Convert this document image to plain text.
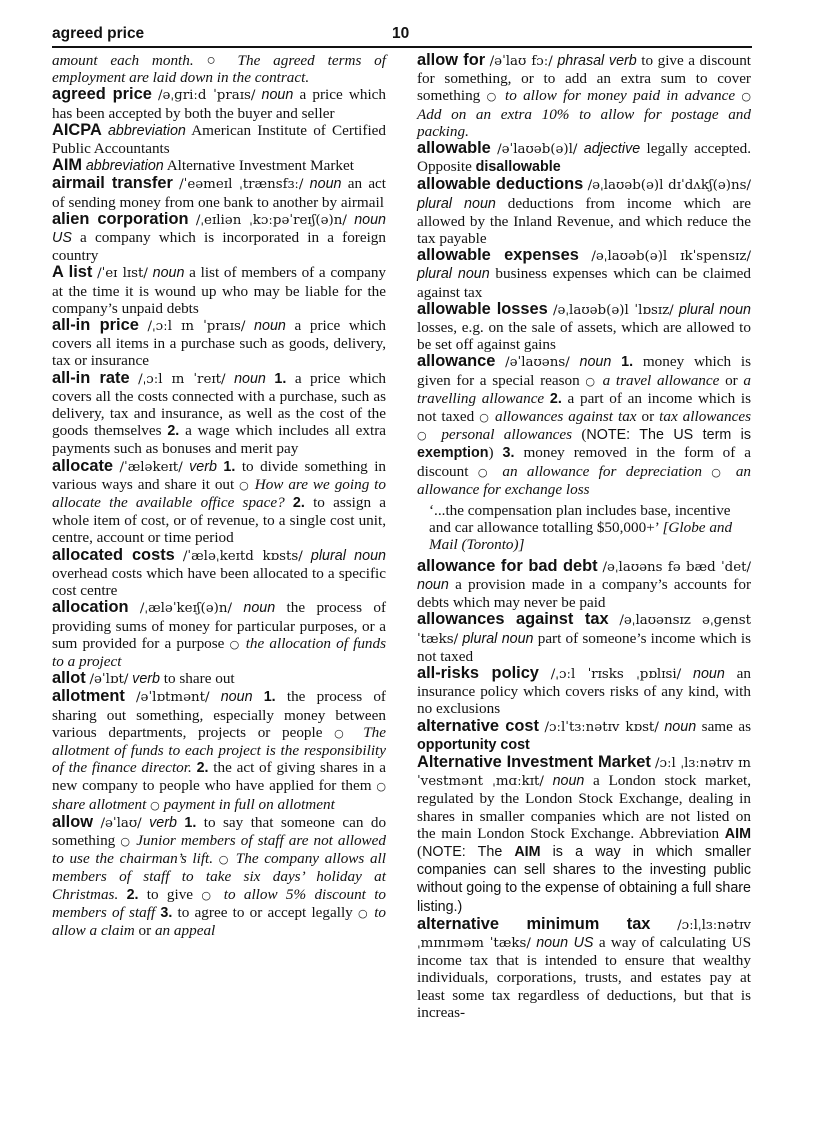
agreed price	10

amount each month. ○ The agreed terms of employment are laid down in the contract.

agreed price /əˌɡriːd ˈpraɪs/ noun a price which has been accepted by both the buyer and seller

AICPA abbreviation American Institute of Certified Public Accountants

AIM abbreviation Alternative Investment Market

airmail transfer /ˈeəmeɪl ˌtrænsfɜː/ noun an act of sending money from one bank to another by airmail

alien corporation /ˌeɪliən ˌkɔːpəˈreɪʃ(ə)n/ noun US a company which is incorporated in a foreign country

A list /ˈeɪ lɪst/ noun a list of members of a company at the time it is wound up who may be liable for the company’s unpaid debts

all-in price /ˌɔːl ɪn ˈpraɪs/ noun a price which covers all items in a purchase such as goods, delivery, tax or insurance

all-in rate /ˌɔːl ɪn ˈreɪt/ noun 1. a price which covers all the costs connected with a purchase, such as delivery, tax and insurance, as well as the cost of the goods themselves 2. a wage which includes all extra payments such as bonuses and merit pay

allocate /ˈæləkeɪt/ verb 1. to divide something in various ways and share it out ○ How are we going to allocate the available office space? 2. to assign a whole item of cost, or of revenue, to a single cost unit, centre, account or time period

allocated costs /ˈæləˌkeɪtd kɒsts/ plural noun overhead costs which have been allocated to a specific cost centre

allocation /ˌæləˈkeɪʃ(ə)n/ noun the process of providing sums of money for particular purposes, or a sum provided for a purpose ○ the allocation of funds to a project

allot /əˈlɒt/ verb to share out

allotment /əˈlɒtmənt/ noun 1. the process of sharing out something, especially money between various departments, projects or people ○ The allotment of funds to each project is the responsibility of the finance director. 2. the act of giving shares in a new company to people who have applied for them ○ share allotment ○ payment in full on allotment

allow /əˈlaʊ/ verb 1. to say that someone can do something ○ Junior members of staff are not allowed to use the chairman’s lift. ○ The company allows all members of staff to take six days’ holiday at Christmas. 2. to give ○ to allow 5% discount to members of staff 3. to agree to or accept legally ○ to allow a claim or an appeal

allow for /əˈlaʊ fɔː/ phrasal verb to give a discount for something, or to add an extra sum to cover something ○ to allow for money paid in advance ○ Add on an extra 10% to allow for postage and packing.

allowable /əˈlaʊəb(ə)l/ adjective legally accepted. Opposite disallowable

allowable deductions /əˌlaʊəb(ə)l dɪˈdʌkʃ(ə)ns/ plural noun deductions from income which are allowed by the Inland Revenue, and which reduce the tax payable

allowable expenses /əˌlaʊəb(ə)l ɪkˈspensɪz/ plural noun business expenses which can be claimed against tax

allowable losses /əˌlaʊəb(ə)l ˈlɒsɪz/ plural noun losses, e.g. on the sale of assets, which are allowed to be set off against gains

allowance /əˈlaʊəns/ noun 1. money which is given for a special reason ○ a travel allowance or a travelling allowance 2. a part of an income which is not taxed ○ allowances against tax or tax allowances ○ personal allowances (NOTE: The US term is exemption) 3. money removed in the form of a discount ○ an allowance for depreciation ○ an allowance for exchange loss

‘...the compensation plan includes base, incentive and car allowance totalling $50,000+’ [Globe and Mail (Toronto)]

allowance for bad debt /əˌlaʊəns fə bæd ˈdet/ noun a provision made in a company’s accounts for debts which may never be paid

allowances against tax /əˌlaʊənsɪz əˌɡenst ˈtæks/ plural noun part of someone’s income which is not taxed

all-risks policy /ˌɔːl ˈrɪsks ˌpɒlɪsi/ noun an insurance policy which covers risks of any kind, with no exclusions

alternative cost /ɔːlˈtɜːnətɪv kɒst/ noun same as opportunity cost

Alternative Investment Market /ɔːl ˌlɜːnətɪv ɪnˈvestmənt ˌmɑːkɪt/ noun a London stock market, regulated by the London Stock Exchange, dealing in shares in smaller companies which are not listed on the main London Stock Exchange. Abbreviation AIM (NOTE: The AIM is a way in which smaller companies can sell shares to the investing public without going to the expense of obtaining a full share listing.)

alternative minimum tax /ɔːlˌlɜːnətɪv ˌmɪnɪməm ˈtæks/ noun US a way of calculating US income tax that is intended to ensure that wealthy individuals, corporations, trusts, and estates pay at least some tax regardless of deductions, but that is increas-
